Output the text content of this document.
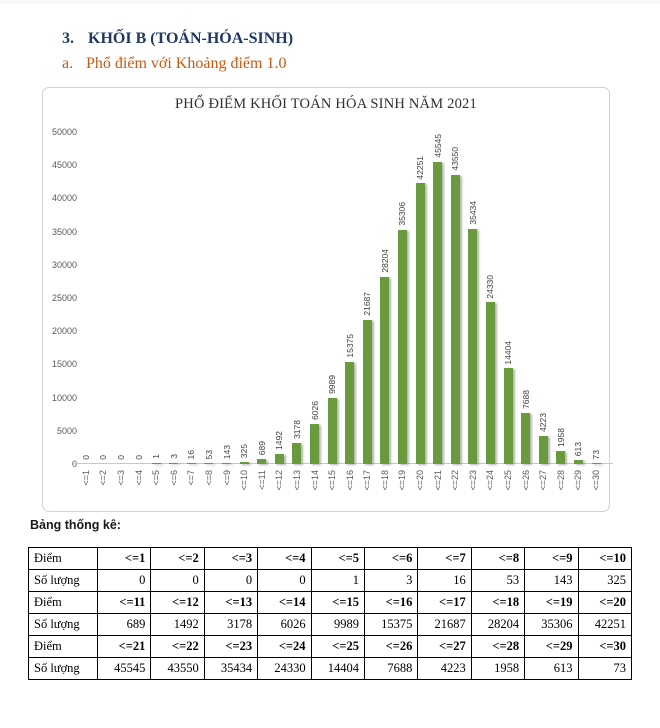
3. KHỐI B (TOÁN-HÓA-SINH)
a. Phổ điểm với Khoảng điểm 1.0
PHỔ ĐIỂM KHỐI TOÁN HÓA SINH NĂM 2021
0
5000
10000
15000
20000
25000
30000
35000
40000
45000
50000
0 0 0 0 1 3 16 53 143 325 689 1492
3178
6026
9989
15375
21687
28204
35306
42251
45545
43550
35434
24330
14404
7688
4223
1958
613 73
<=1 <=2 <=3 <=4 <=5 <=6 <=7 <=8 <=9 <=10 <=11 <=12 <=13 <=14 <=15 <=16 <=17 <=18 <=19 <=20 <=21 <=22 <=23 <=24 <=25 <=26 <=27 <=28 <=29 <=30
Bảng thống kê:
Điểm	<=1	<=2	<=3	<=4	<=5	<=6	<=7	<=8	<=9	<=10
Số lượng	0	0	0	0	1	3	16	53	143	325
Điểm	<=11	<=12	<=13	<=14	<=15	<=16	<=17	<=18	<=19	<=20
Số lượng	689	1492	3178	6026	9989	15375	21687	28204	35306	42251
Điểm	<=21	<=22	<=23	<=24	<=25	<=26	<=27	<=28	<=29	<=30
Số lượng	45545	43550	35434	24330	14404	7688	4223	1958	613	73
